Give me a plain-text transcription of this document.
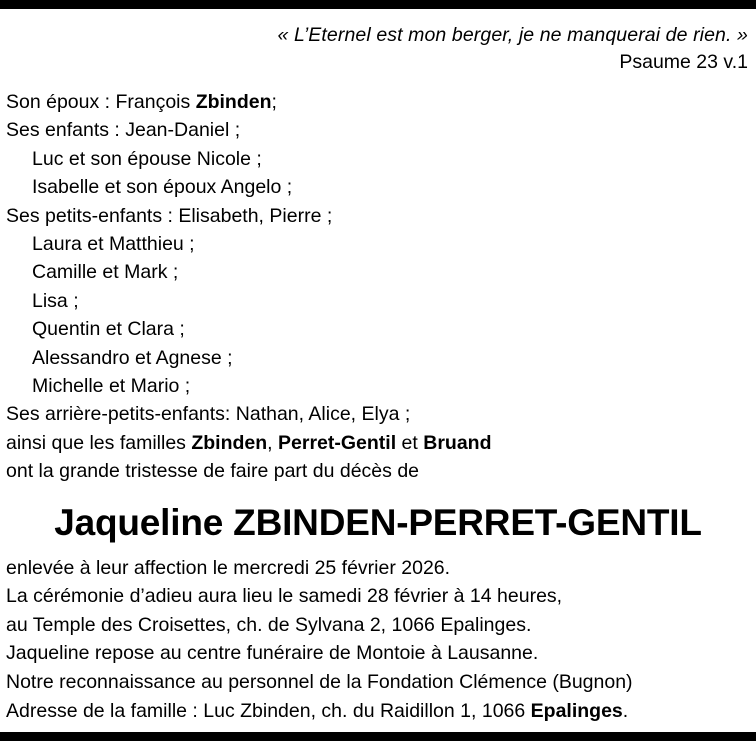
« L’Eternel est mon berger, je ne manquerai de rien. »
Psaume 23 v.1
Son époux : François Zbinden;
Ses enfants : Jean-Daniel ;
Luc et son épouse Nicole ;
Isabelle et son époux Angelo ;
Ses petits-enfants : Elisabeth, Pierre ;
Laura et Matthieu ;
Camille et Mark ;
Lisa ;
Quentin et Clara ;
Alessandro et Agnese ;
Michelle et Mario ;
Ses arrière-petits-enfants: Nathan, Alice, Elya ;
ainsi que les familles Zbinden, Perret-Gentil et Bruand
ont la grande tristesse de faire part du décès de
Jaqueline ZBINDEN-PERRET-GENTIL
enlevée à leur affection le mercredi 25 février 2026.
La cérémonie d’adieu aura lieu le samedi 28 février à 14 heures,
au Temple des Croisettes, ch. de Sylvana 2, 1066 Epalinges.
Jaqueline repose au centre funéraire de Montoie à Lausanne.
Notre reconnaissance au personnel de la Fondation Clémence (Bugnon)
Adresse de la famille : Luc Zbinden, ch. du Raidillon 1, 1066 Epalinges.
